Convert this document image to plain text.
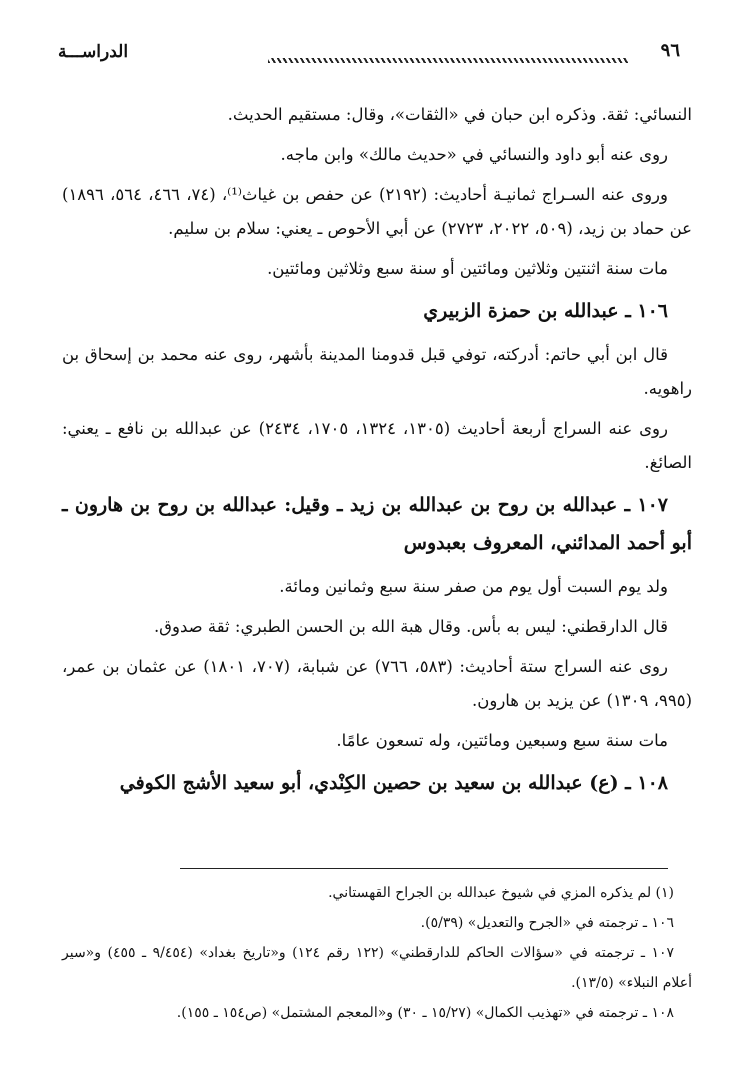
الدراســـة	٩٦

النسائي: ثقة. وذكره ابن حبان في «الثقات»، وقال: مستقيم الحديث.

روى عنه أبو داود والنسائي في «حديث مالك» وابن ماجه.

وروى عنه السـراج ثمانيـة أحاديث: (٢١٩٢) عن حفص بن غياث⁽¹⁾، (٧٤، ٤٦٦، ٥٦٤، ١٨٩٦) عن حماد بن زيد، (٥٠٩، ٢٠٢٢، ٢٧٢٣) عن أبي الأحوص ـ يعني: سلام بن سليم.

مات سنة اثنتين وثلاثين ومائتين أو سنة سبع وثلاثين ومائتين.

١٠٦ ـ عبدالله بن حمزة الزبيري

قال ابن أبي حاتم: أدركته، توفي قبل قدومنا المدينة بأشهر، روى عنه محمد بن إسحاق بن راهويه.

روى عنه السراج أربعة أحاديث (١٣٠٥، ١٣٢٤، ١٧٠٥، ٢٤٣٤) عن عبدالله بن نافع ـ يعني: الصائغ.

١٠٧ ـ عبدالله بن روح بن عبدالله بن زيد ـ وقيل: عبدالله بن روح بن هارون ـ أبو أحمد المدائني، المعروف بعبدوس

ولد يوم السبت أول يوم من صفر سنة سبع وثمانين ومائة.

قال الدارقطني: ليس به بأس. وقال هبة الله بن الحسن الطبري: ثقة صدوق.

روى عنه السراج ستة أحاديث: (٥٨٣، ٧٦٦) عن شبابة، (٧٠٧، ١٨٠١) عن عثمان بن عمر، (٩٩٥، ١٣٠٩) عن يزيد بن هارون.

مات سنة سبع وسبعين ومائتين، وله تسعون عامًا.

١٠٨ ـ (ع) عبدالله بن سعيد بن حصين الكِنْدي، أبو سعيد الأشج الكوفي

(١) لم يذكره المزي في شيوخ عبدالله بن الجراح القهستاني.

١٠٦ ـ ترجمته في «الجرح والتعديل» (٥/٣٩).

١٠٧ ـ ترجمته في «سؤالات الحاكم للدارقطني» (١٢٢ رقم ١٢٤) و«تاريخ بغداد» (٩/٤٥٤ ـ ٤٥٥) و«سير أعلام النبلاء» (١٣/٥).

١٠٨ ـ ترجمته في «تهذيب الكمال» (١٥/٢٧ ـ ٣٠) و«المعجم المشتمل» (ص١٥٤ ـ ١٥٥).
